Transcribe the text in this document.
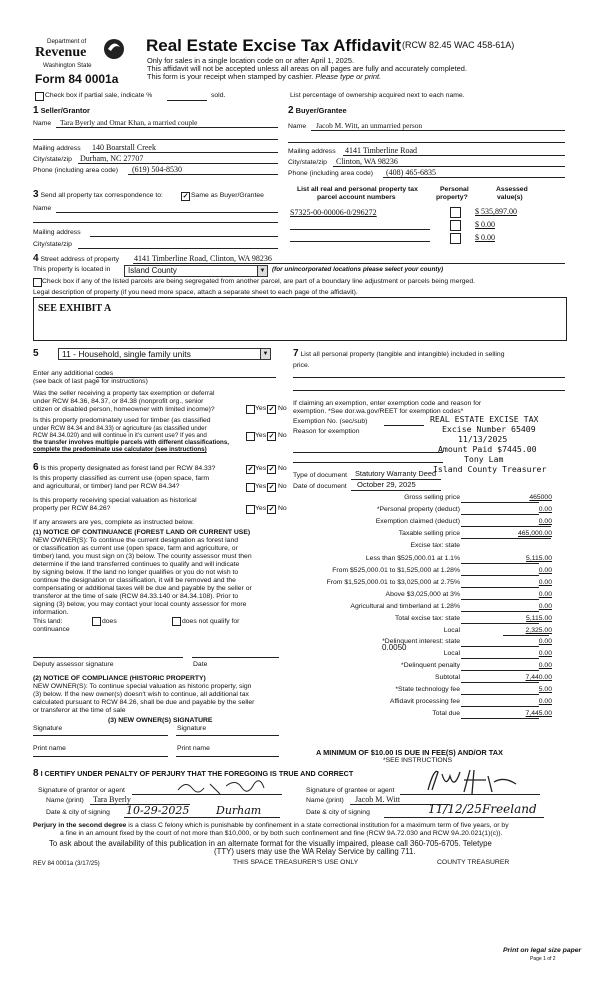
Department of
Revenue
Washington State
Form 84 0001a
Real Estate Excise Tax Affidavit (RCW 82.45 WAC 458-61A)
Only for sales in a single location code on or after April 1, 2025.
This affidavit will not be accepted unless all areas on all pages are fully and accurately completed.
This form is your receipt when stamped by cashier. Please type or print.
Check box if partial sale, indicate %	sold.	List percentage of ownership acquired next to each name.
1 Seller/Grantor
Name Tara Byerly and Omar Khan, a married couple
Mailing address 140 Boarstall Creek
City/state/zip Durham, NC 27707
Phone (including area code) (619) 504-8530
2 Buyer/Grantee
Name Jacob M. Witt, an unmarried person
Mailing address 4141 Timberline Road
City/state/zip Clinton, WA 98236
Phone (including area code) (408) 465-6835
3 Send all property tax correspondence to:	✓ Same as Buyer/Grantee
Name
Mailing address
City/state/zip
List all real and personal property tax
parcel account numbers
Personal
property?
Assessed
value(s)
S7325-00-00006-0/296272	$ 535,897.00
$ 0.00
$ 0.00
4 Street address of property 4141 Timberline Road, Clinton, WA 98236
This property is located in	Island County	▼ (for unincorporated locations please select your county)
Check box if any of the listed parcels are being segregated from another parcel, are part of a boundary line adjustment or parcels being merged.
Legal description of property (if you need more space, attach a separate sheet to each page of the affidavit).
SEE EXHIBIT A
5	11 - Household, single family units	▼
Enter any additional codes
(see back of last page for instructions)
Was the seller receiving a property tax exemption or deferral
under RCW 84.36, 84.37, or 84.38 (nonprofit org., senior
citizen or disabled person, homeowner with limited income)?	Yes ✓ No
Is this property predominately used for timber (as classified
under RCW 84.34 and 84.33) or agriculture (as classified under
RCW 84.34.020) and will continue in it's current use? If yes and
the transfer involves multiple parcels with different classifications,
complete the predominate use calculator (see instructions)
Yes ✓ No
6 Is this property designated as forest land per RCW 84.33?	✓ Yes ✓ No
Is this property classified as current use (open space, farm
and agricultural, or timber) land per RCW 84.34?	Yes ✓ No
Is this property receiving special valuation as historical
property per RCW 84.26?	Yes ✓ No
If any answers are yes, complete as instructed below.
(1) NOTICE OF CONTINUANCE (FOREST LAND OR CURRENT USE)
NEW OWNER(S): To continue the current designation as forest land
or classification as current use (open space, farm and agriculture, or
timber) land, you must sign on (3) below. The county assessor must then
determine if the land transferred continues to qualify and will indicate
by signing below. If the land no longer qualifies or you do not wish to
continue the designation or classification, it will be removed and the
compensating or additional taxes will be due and payable by the seller or
transferor at the time of sale (RCW 84.33.140 or 84.34.108). Prior to
signing (3) below, you may contact your local county assessor for more
information.
This land:	does	does not qualify for
continuance
Deputy assessor signature	Date
(2) NOTICE OF COMPLIANCE (HISTORIC PROPERTY)
NEW OWNER(S): To continue special valuation as historic property, sign
(3) below. If the new owner(s) doesn't wish to continue, all additional tax
calculated pursuant to RCW 84.26, shall be due and payable by the seller
or transferor at the time of sale
(3) NEW OWNER(S) SIGNATURE
Signature	Signature
Print name	Print name
7 List all personal property (tangible and intangible) included in selling
price.
If claiming an exemption, enter exemption code and reason for
exemption. *See dor.wa.gov/REET for exemption codes*
Exemption No. (sec/sub)
Reason for exemption
REAL ESTATE EXCISE TAX
Excise Number 65409
11/13/2025
Amount Paid $7445.00
Tony Lam
Island County Treasurer
Type of document Statutory Warranty Deed
Date of document October 29, 2025
Gross selling price	465000
*Personal property (deduct)	0.00
Exemption claimed (deduct)	0.00
Taxable selling price	465,000.00
Excise tax: state
Less than $525,000.01 at 1.1%	5,115.00
From $525,000.01 to $1,525,000 at 1.28%	0.00
From $1,525,000.01 to $3,025,000 at 2.75%	0.00
Above $3,025,000 at 3%	0.00
Agricultural and timberland at 1.28%	0.00
Total excise tax: state	5,115.00
Local	2,325.00
*Delinquent interest: state	0.00
Local	0.00
*Delinquent penalty	0.00
Subtotal	7,440.00
*State technology fee	5.00
Affidavit processing fee	0.00
Total due	7,445.00
0.0050
A MINIMUM OF $10.00 IS DUE IN FEE(S) AND/OR TAX
*SEE INSTRUCTIONS
8 I CERTIFY UNDER PENALTY OF PERJURY THAT THE FOREGOING IS TRUE AND CORRECT
Signature of grantor or agent
Name (print) Tara Byerly
Date & city of signing 10-29-2025 Durham
Signature of grantee or agent
Name (print) Jacob M. Witt
Date & city of signing	11/12/25 Freeland
Perjury in the second degree is a class C felony which is punishable by confinement in a state correctional institution for a maximum term of five years, or by
a fine in an amount fixed by the court of not more than $10,000, or by both such confinement and fine (RCW 9A.72.030 and RCW 9A.20.021(1)(c)).
To ask about the availability of this publication in an alternate format for the visually impaired, please call 360-705-6705. Teletype
(TTY) users may use the WA Relay Service by calling 711.
REV 84 0001a (3/17/25)	THIS SPACE TREASURER'S USE ONLY	COUNTY TREASURER
Print on legal size paper
Page 1 of 2
